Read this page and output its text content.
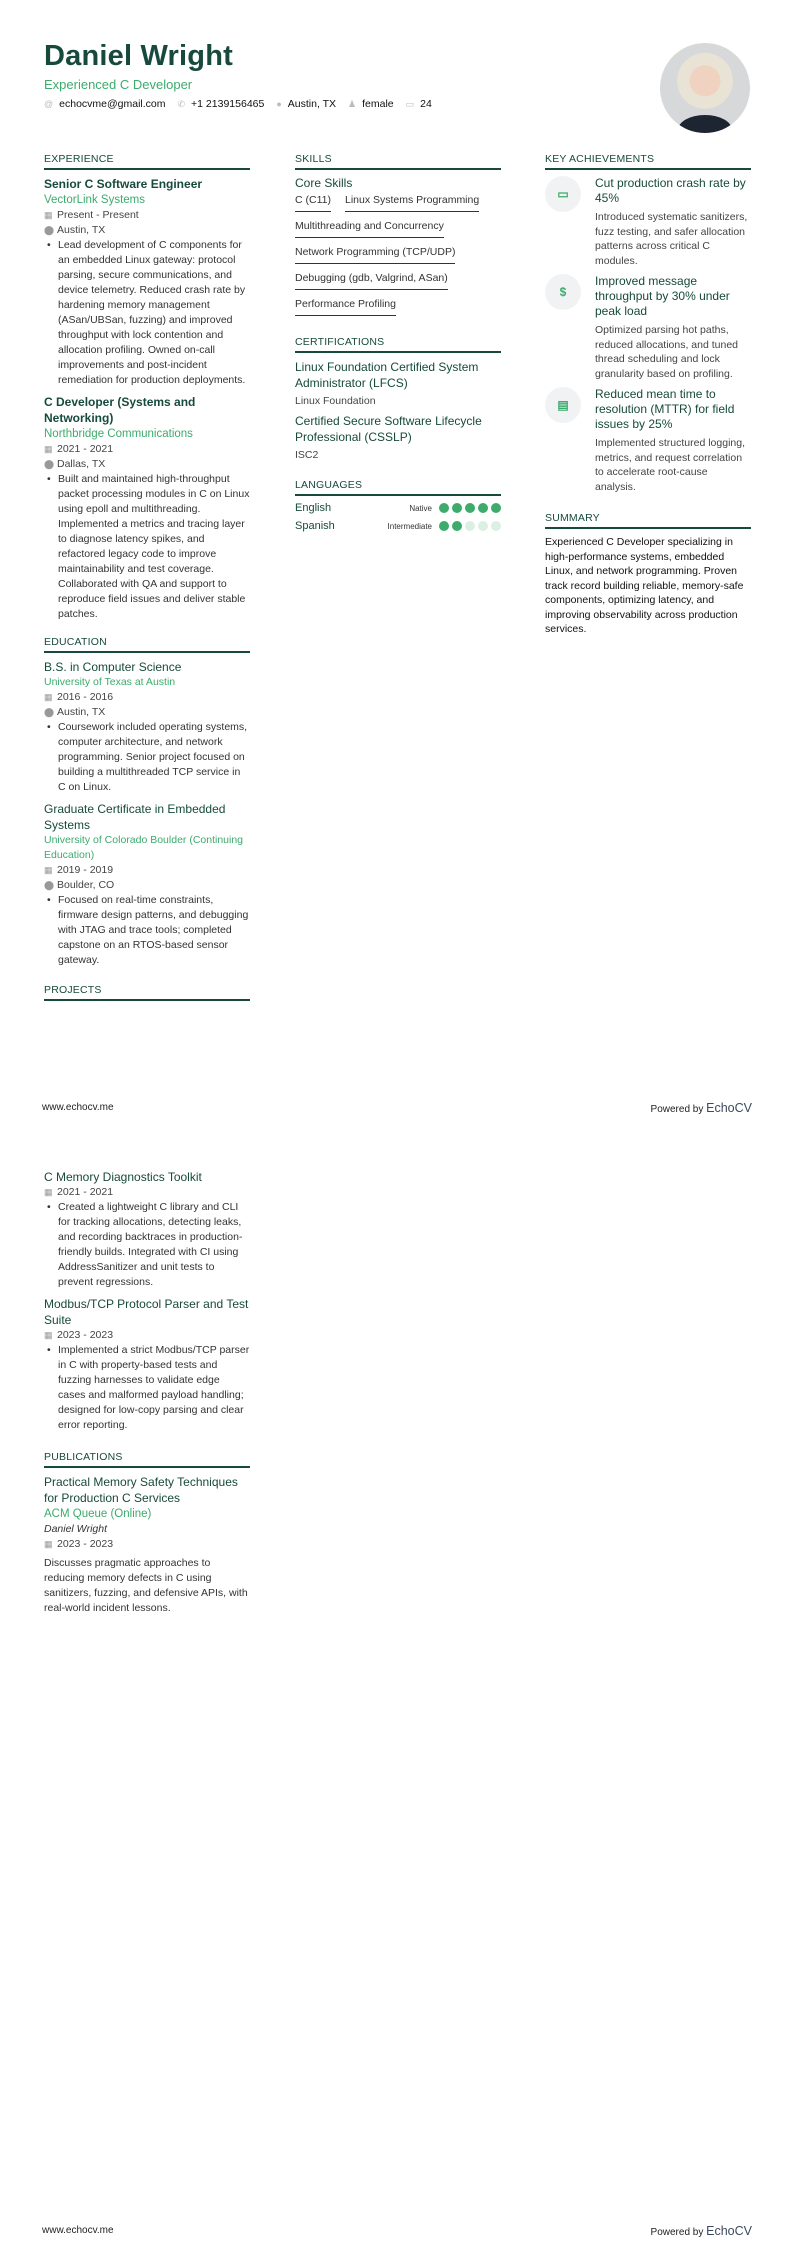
Daniel Wright
Experienced C Developer
@ echocvme@gmail.com ✆ +1 2139156465 ● Austin, TX ♟ female ▭ 24
EXPERIENCE
Senior C Software Engineer
VectorLink Systems
▦ Present - Present
⬤ Austin, TX
• Lead development of C components for an embedded Linux gateway: protocol parsing, secure communications, and device telemetry. Reduced crash rate by hardening memory management (ASan/UBSan, fuzzing) and improved throughput with lock contention and allocation profiling. Owned on-call improvements and post-incident remediation for production deployments.
C Developer (Systems and Networking)
Northbridge Communications
▦ 2021 - 2021
⬤ Dallas, TX
• Built and maintained high-throughput packet processing modules in C on Linux using epoll and multithreading. Implemented a metrics and tracing layer to diagnose latency spikes, and refactored legacy code to improve maintainability and test coverage. Collaborated with QA and support to reproduce field issues and deliver stable patches.
EDUCATION
B.S. in Computer Science
University of Texas at Austin
▦ 2016 - 2016
⬤ Austin, TX
• Coursework included operating systems, computer architecture, and network programming. Senior project focused on building a multithreaded TCP service in C on Linux.
Graduate Certificate in Embedded Systems
University of Colorado Boulder (Continuing Education)
▦ 2019 - 2019
⬤ Boulder, CO
• Focused on real-time constraints, firmware design patterns, and debugging with JTAG and trace tools; completed capstone on an RTOS-based sensor gateway.
PROJECTS
SKILLS
Core Skills
C (C11) Linux Systems Programming
Multithreading and Concurrency
Network Programming (TCP/UDP)
Debugging (gdb, Valgrind, ASan)
Performance Profiling
CERTIFICATIONS
Linux Foundation Certified System Administrator (LFCS)
Linux Foundation
Certified Secure Software Lifecycle Professional (CSSLP)
ISC2
LANGUAGES
English	Native
Spanish	Intermediate
KEY ACHIEVEMENTS
▭
Cut production crash rate by 45%
Introduced systematic sanitizers, fuzz testing, and safer allocation patterns across critical C modules.
$
Improved message throughput by 30% under peak load
Optimized parsing hot paths, reduced allocations, and tuned thread scheduling and lock granularity based on profiling.
▤
Reduced mean time to resolution (MTTR) for field issues by 25%
Implemented structured logging, metrics, and request correlation to accelerate root-cause analysis.
SUMMARY
Experienced C Developer specializing in high-performance systems, embedded Linux, and network programming. Proven track record building reliable, memory-safe components, optimizing latency, and improving observability across production services.
www.echocv.me	Powered by EchoCV
C Memory Diagnostics Toolkit
▦ 2021 - 2021
• Created a lightweight C library and CLI for tracking allocations, detecting leaks, and recording backtraces in production-friendly builds. Integrated with CI using AddressSanitizer and unit tests to prevent regressions.
Modbus/TCP Protocol Parser and Test Suite
▦ 2023 - 2023
• Implemented a strict Modbus/TCP parser in C with property-based tests and fuzzing harnesses to validate edge cases and malformed payload handling; designed for low-copy parsing and clear error reporting.
PUBLICATIONS
Practical Memory Safety Techniques for Production C Services
ACM Queue (Online)
Daniel Wright
▦ 2023 - 2023
Discusses pragmatic approaches to reducing memory defects in C using sanitizers, fuzzing, and defensive APIs, with real-world incident lessons.
www.echocv.me	Powered by EchoCV
